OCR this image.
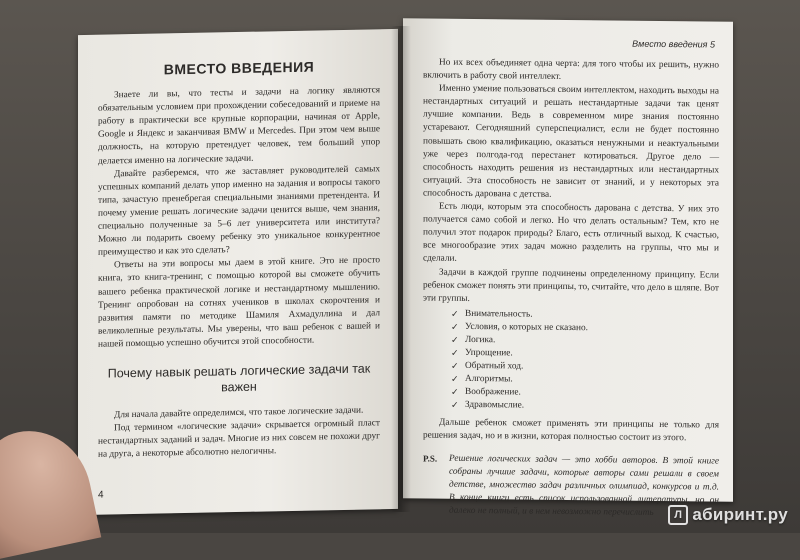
ВМЕСТО ВВЕДЕНИЯ

Знаете ли вы, что тесты и задачи на логику являются обязательным условием при прохождении собеседований и приеме на работу в практически все крупные корпорации, начиная от Apple, Google и Яндекс и заканчивая BMW и Mercedes. При этом чем выше должность, на которую претендует человек, тем больший упор делается именно на логические задачи.

Давайте разберемся, что же заставляет руководителей самых успешных компаний делать упор именно на задания и вопросы такого типа, зачастую пренебрегая специальными знаниями претендента. И почему умение решать логические задачи ценится выше, чем знания, специально полученные за 5–6 лет университета или института? Можно ли подарить своему ребенку это уникальное конкурентное преимущество и как это сделать?

Ответы на эти вопросы мы даем в этой книге. Это не просто книга, это книга-тренинг, с помощью которой вы сможете обучить вашего ребенка практической логике и нестандартному мышлению. Тренинг опробован на сотнях учеников в школах скорочтения и развития памяти по методике Шамиля Ахмадуллина и дал великолепные результаты. Мы уверены, что ваш ребенок с вашей и нашей помощью успешно обучится этой способности.

Почему навык решать логические задачи так важен

Для начала давайте определимся, что такое логические задачи.

Под термином «логические задачи» скрывается огромный пласт нестандартных заданий и задач. Многие из них совсем не похожи друг на друга, а некоторые абсолютно нелогичны.

4
Вместо введения 5

Но их всех объединяет одна черта: для того чтобы их решить, нужно включить в работу свой интеллект.

Именно умение пользоваться своим интеллектом, находить выходы на нестандартных ситуаций и решать нестандартные задачи так ценят лучшие компании. Ведь в современном мире знания постоянно устаревают. Сегодняшний суперспециалист, если не будет постоянно повышать свою квалификацию, оказаться ненужными и неактуальными уже через полгода-год перестанет котироваться. Другое дело — способность находить решения из нестандартных или нестандартных ситуаций. Эта способность не зависит от знаний, и у некоторых эта способность дарована с детства.

Есть люди, которым эта способность дарована с детства. У них это получается само собой и легко. Но что делать остальным? Тем, кто не получил этот подарок природы? Благо, есть отличный выход. К счастью, все многообразие этих задач можно разделить на группы, что мы и сделали.

Задачи в каждой группе подчинены определенному принципу. Если ребенок сможет понять эти принципы, то, считайте, что дело в шляпе. Вот эти группы.

✓ Внимательность.
✓ Условия, о которых не сказано.
✓ Логика.
✓ Упрощение.
✓ Обратный ход.
✓ Алгоритмы.
✓ Воображение.
✓ Здравомыслие.

Дальше ребенок сможет применять эти принципы не только для решения задач, но и в жизни, которая полностью состоит из этого.

P.S.	Решение логических задач — это хобби авторов. В этой книге собраны лучшие задачи, которые авторы сами решали в своем детстве, множество задач различных олимпиад, конкурсов и т.д. В конце книги есть список использованной литературы, но он далеко не полный, и в нем невозможно перечислить	Л абиринт.ру
